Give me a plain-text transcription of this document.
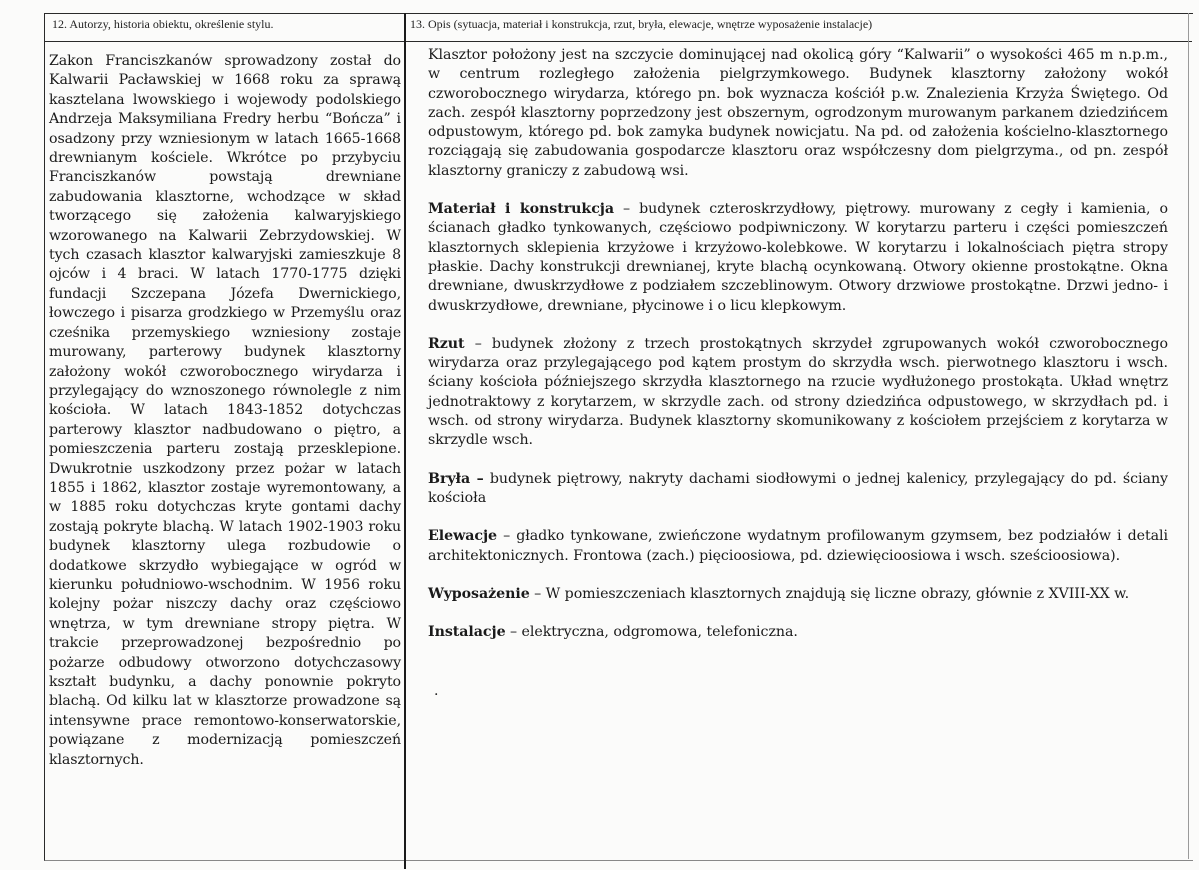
12. Autorzy, historia obiektu, określenie stylu.	13. Opis (sytuacja, materiał i konstrukcja, rzut, bryła, elewacje, wnętrze wyposażenie instalacje)
Zakon Franciszkanów sprowadzony został do Kalwarii Pacławskiej w 1668 roku za sprawą kasztelana lwowskiego i wojewody podolskiego Andrzeja Maksymiliana Fredry herbu “Bończa” i osadzony przy wzniesionym w latach 1665-1668 drewnianym kościele. Wkrótce po przybyciu Franciszkanów powstają drewniane zabudowania klasztorne, wchodzące w skład tworzącego się założenia kalwaryjskiego wzorowanego na Kalwarii Zebrzydowskiej. W tych czasach klasztor kalwaryjski zamieszkuje 8 ojców i 4 braci. W latach 1770-1775 dzięki fundacji Szczepana Józefa Dwernickiego, łowczego i pisarza grodzkiego w Przemyślu oraz cześnika przemyskiego wzniesiony zostaje murowany, parterowy budynek klasztorny założony wokół czworobocznego wirydarza i przylegający do wznoszonego równolegle z nim kościoła. W latach 1843-1852 dotychczas parterowy klasztor nadbudowano o piętro, a pomieszczenia parteru zostają przesklepione. Dwukrotnie uszkodzony przez pożar w latach 1855 i 1862, klasztor zostaje wyremontowany, a w 1885 roku dotychczas kryte gontami dachy zostają pokryte blachą. W latach 1902-1903 roku budynek klasztorny ulega rozbudowie o dodatkowe skrzydło wybiegające w ogród w kierunku południowo-wschodnim. W 1956 roku kolejny pożar niszczy dachy oraz częściowo wnętrza, w tym drewniane stropy piętra. W trakcie przeprowadzonej bezpośrednio po pożarze odbudowy otworzono dotychczasowy kształt budynku, a dachy ponownie pokryto blachą. Od kilku lat w klasztorze prowadzone są intensywne prace remontowo-konserwatorskie, powiązane z modernizacją pomieszczeń klasztornych.

Klasztor położony jest na szczycie dominującej nad okolicą góry “Kalwarii” o wysokości 465 m n.p.m., w centrum rozległego założenia pielgrzymkowego. Budynek klasztorny założony wokół czworobocznego wirydarza, którego pn. bok wyznacza kościół p.w. Znalezienia Krzyża Świętego. Od zach. zespół klasztorny poprzedzony jest obszernym, ogrodzonym murowanym parkanem dziedzińcem odpustowym, którego pd. bok zamyka budynek nowicjatu. Na pd. od założenia kościelno-klasztornego rozciągają się zabudowania gospodarcze klasztoru oraz współczesny dom pielgrzyma., od pn. zespół klasztorny graniczy z zabudową wsi.

Materiał i konstrukcja – budynek czteroskrzydłowy, piętrowy. murowany z cegły i kamienia, o ścianach gładko tynkowanych, częściowo podpiwniczony. W korytarzu parteru i części pomieszczeń klasztornych sklepienia krzyżowe i krzyżowo-kolebkowe. W korytarzu i lokalnościach piętra stropy płaskie. Dachy konstrukcji drewnianej, kryte blachą ocynkowaną. Otwory okienne prostokątne. Okna drewniane, dwuskrzydłowe z podziałem szczeblinowym. Otwory drzwiowe prostokątne. Drzwi jedno- i dwuskrzydłowe, drewniane, płycinowe i o licu klepkowym.

Rzut – budynek złożony z trzech prostokątnych skrzydeł zgrupowanych wokół czworobocznego wirydarza oraz przylegającego pod kątem prostym do skrzydła wsch. pierwotnego klasztoru i wsch. ściany kościoła późniejszego skrzydła klasztornego na rzucie wydłużonego prostokąta. Układ wnętrz jednotraktowy z korytarzem, w skrzydle zach. od strony dziedzińca odpustowego, w skrzydłach pd. i wsch. od strony wirydarza. Budynek klasztorny skomunikowany z kościołem przejściem z korytarza w skrzydle wsch.

Bryła – budynek piętrowy, nakryty dachami siodłowymi o jednej kalenicy, przylegający do pd. ściany kościoła

Elewacje – gładko tynkowane, zwieńczone wydatnym profilowanym gzymsem, bez podziałów i detali architektonicznych. Frontowa (zach.) pięcioosiowa, pd. dziewięcioosiowa i wsch. sześcioosiowa).

Wyposażenie – W pomieszczeniach klasztornych znajdują się liczne obrazy, głównie z XVIII-XX w.

Instalacje – elektryczna, odgromowa, telefoniczna.

.
